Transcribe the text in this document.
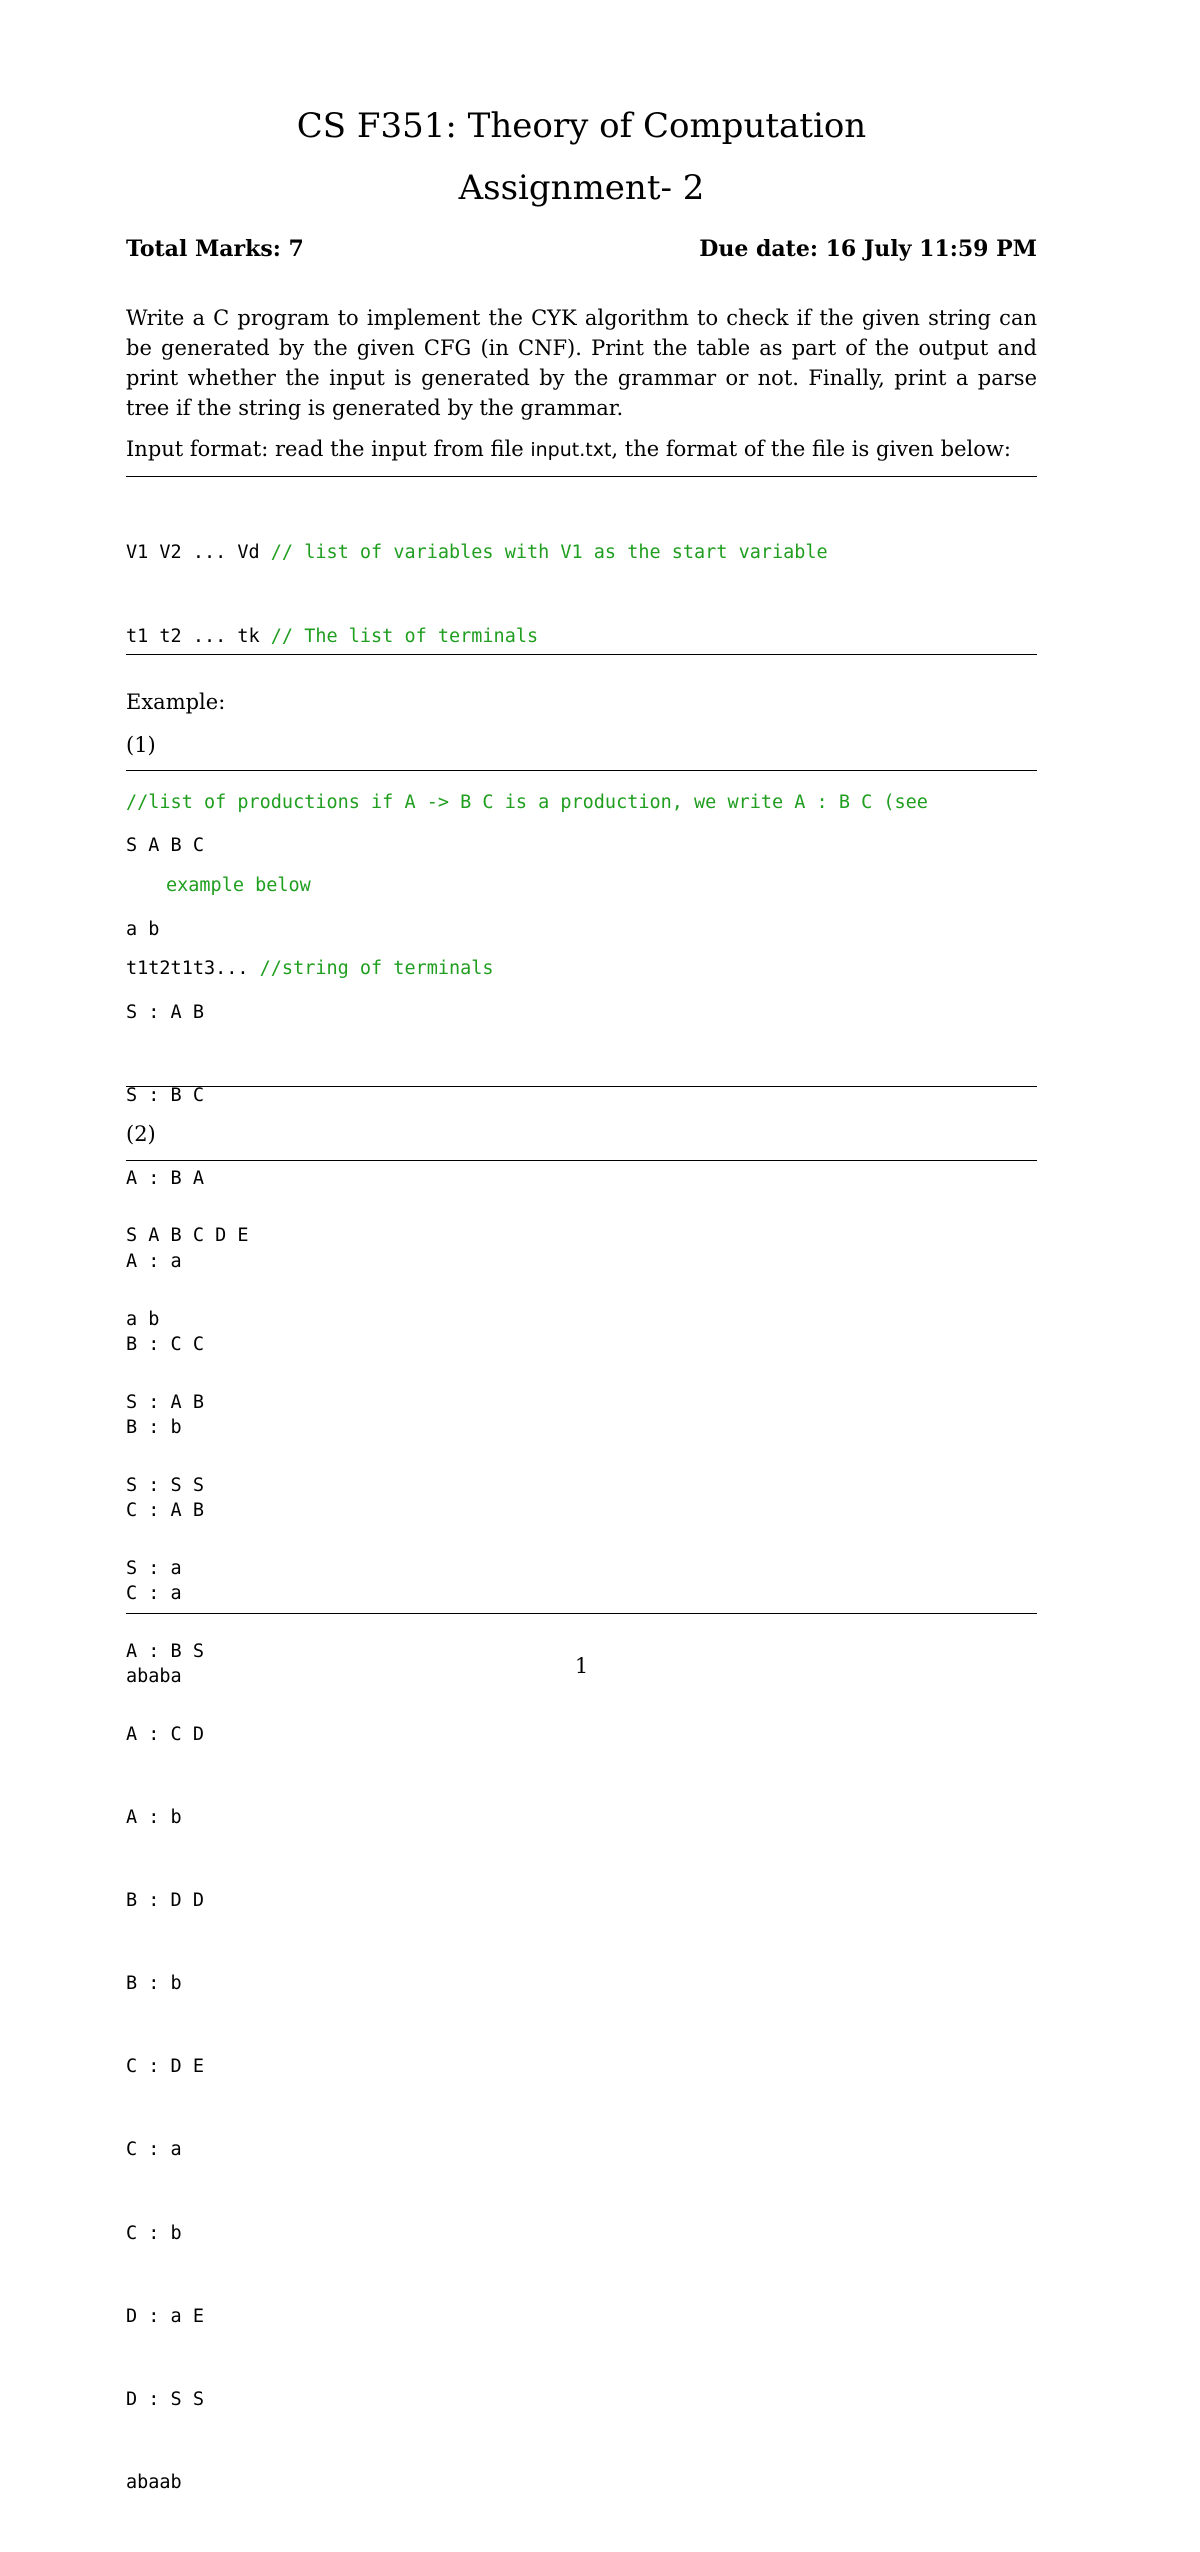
CS F351: Theory of Computation
Assignment- 2
Total Marks: 7	Due date: 16 July 11:59 PM

Write a C program to implement the CYK algorithm to check if the given string can be generated by the given CFG (in CNF). Print the table as part of the output and print whether the input is generated by the grammar or not. Finally, print a parse tree if the string is generated by the grammar.

Input format: read the input from file input.txt, the format of the file is given below:

V1 V2 ... Vd // list of variables with V1 as the start variable

t1 t2 ... tk // The list of terminals

//list of productions if A -> B C is a production, we write A : B C (see

example below

t1t2t1t3... //string of terminals

Example:
(1)

S A B C

a b

S : A B

S : B C

A : B A

A : a

B : C C

B : b

C : A B

C : a

ababa

(2)

S A B C D E

a b

S : A B

S : S S

S : a

A : B S

A : C D

A : b

B : D D

B : b

C : D E

C : a

C : b

D : a E

D : S S

abaab

1
